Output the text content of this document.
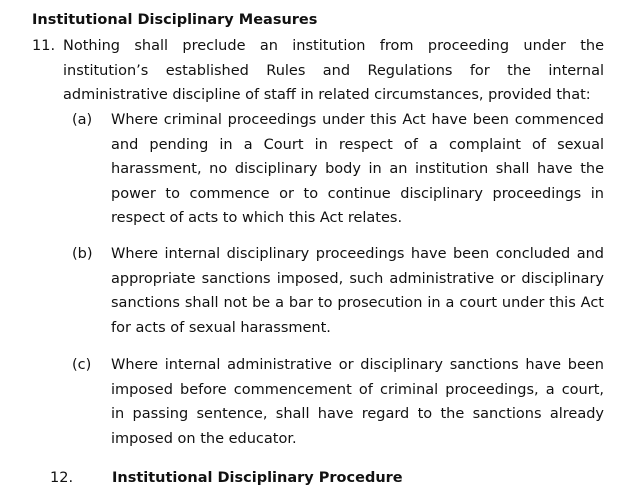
Institutional Disciplinary Measures
11. Nothing shall preclude an institution from proceeding under the institution’s established Rules and Regulations for the internal administrative discipline of staff in related circumstances, provided that:
(a) Where criminal proceedings under this Act have been commenced and pending in a Court in respect of a complaint of sexual harassment, no disciplinary body in an institution shall have the power to commence or to continue disciplinary proceedings in respect of acts to which this Act relates.
(b) Where internal disciplinary proceedings have been concluded and appropriate sanctions imposed, such administrative or disciplinary sanctions shall not be a bar to prosecution in a court under this Act for acts of sexual harassment.
(c) Where internal administrative or disciplinary sanctions have been imposed before commencement of criminal proceedings, a court, in passing sentence, shall have regard to the sanctions already imposed on the educator.
12.	Institutional Disciplinary Procedure
